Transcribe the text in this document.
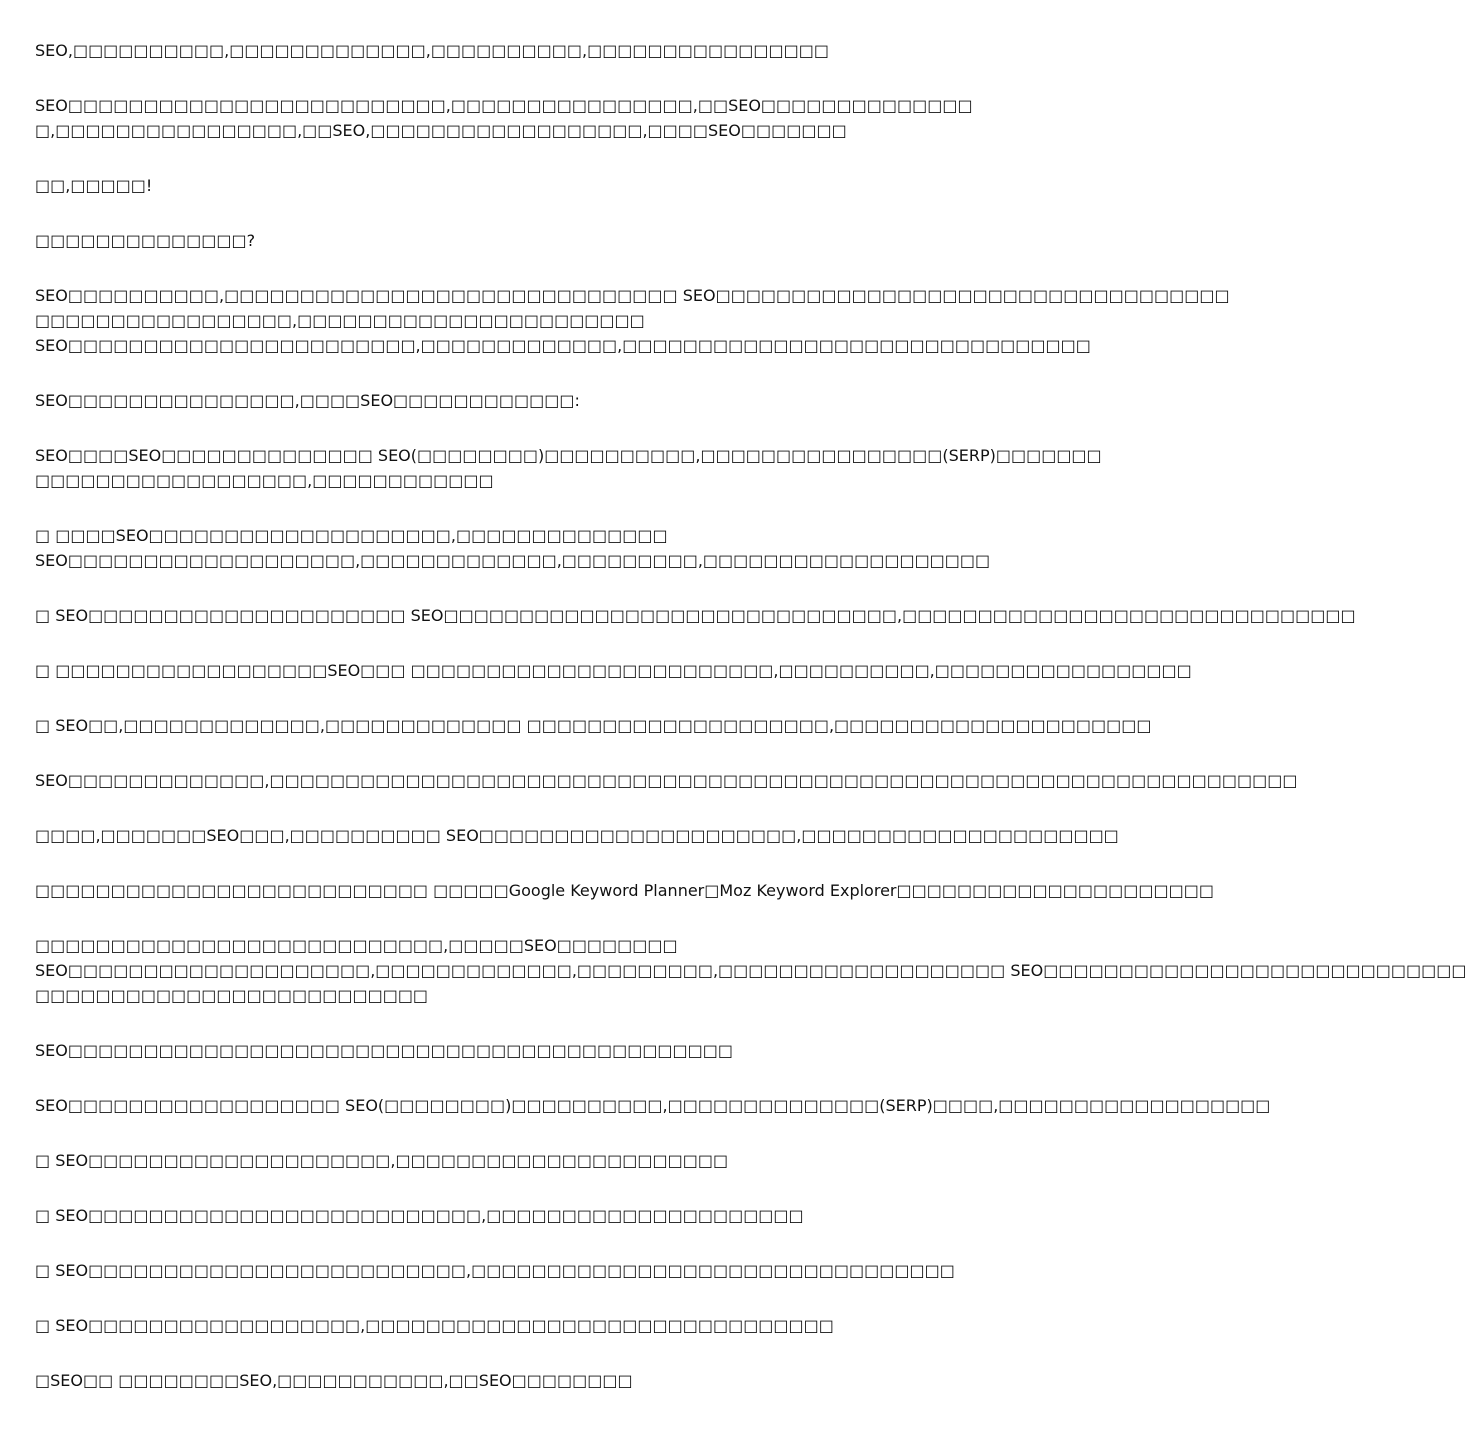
SEO,□□□□□□□□□□,□□□□□□□□□□□□□,□□□□□□□□□□,□□□□□□□□□□□□□□□□
SEO□□□□□□□□□□□□□□□□□□□□□□□□□,□□□□□□□□□□□□□□□□,□□SEO□□□□□□□□□□□□□□
□,□□□□□□□□□□□□□□□□,□□SEO,□□□□□□□□□□□□□□□□□□,□□□□SEO□□□□□□□
□□,□□□□□!
□□□□□□□□□□□□□□?
SEO□□□□□□□□□□,□□□□□□□□□□□□□□□□□□□□□□□□□□□□□□ SEO□□□□□□□□□□□□□□□□□□□□□□□□□□□□□□□□□□
□□□□□□□□□□□□□□□□□,□□□□□□□□□□□□□□□□□□□□□□□
SEO□□□□□□□□□□□□□□□□□□□□□□□,□□□□□□□□□□□□□,□□□□□□□□□□□□□□□□□□□□□□□□□□□□□□□
SEO□□□□□□□□□□□□□□□,□□□□SEO□□□□□□□□□□□□:
SEO□□□□SEO□□□□□□□□□□□□□□ SEO(□□□□□□□□)□□□□□□□□□□,□□□□□□□□□□□□□□□□(SERP)□□□□□□□
□□□□□□□□□□□□□□□□□□,□□□□□□□□□□□□
□ □□□□SEO□□□□□□□□□□□□□□□□□□□□,□□□□□□□□□□□□□□
SEO□□□□□□□□□□□□□□□□□□□,□□□□□□□□□□□□□,□□□□□□□□□,□□□□□□□□□□□□□□□□□□□
□ SEO□□□□□□□□□□□□□□□□□□□□□ SEO□□□□□□□□□□□□□□□□□□□□□□□□□□□□□□,□□□□□□□□□□□□□□□□□□□□□□□□□□□□□□
□ □□□□□□□□□□□□□□□□□□SEO□□□ □□□□□□□□□□□□□□□□□□□□□□□□,□□□□□□□□□□,□□□□□□□□□□□□□□□□□
□ SEO□□,□□□□□□□□□□□□□,□□□□□□□□□□□□□ □□□□□□□□□□□□□□□□□□□□,□□□□□□□□□□□□□□□□□□□□□
SEO□□□□□□□□□□□□□,□□□□□□□□□□□□□□□□□□□□□□□□□□□□□□□□□□□□□□□□□□□□□□□□□□□□□□□□□□□□□□□□□□□□
□□□□,□□□□□□□SEO□□□,□□□□□□□□□□ SEO□□□□□□□□□□□□□□□□□□□□□,□□□□□□□□□□□□□□□□□□□□□
□□□□□□□□□□□□□□□□□□□□□□□□□□ □□□□□Google Keyword Planner□Moz Keyword Explorer□□□□□□□□□□□□□□□□□□□□□
□□□□□□□□□□□□□□□□□□□□□□□□□□□,□□□□□SEO□□□□□□□□
SEO□□□□□□□□□□□□□□□□□□□□,□□□□□□□□□□□□□,□□□□□□□□□,□□□□□□□□□□□□□□□□□□□ SEO□□□□□□□□□□□□□□□□□□□□□□□□□□□□
□□□□□□□□□□□□□□□□□□□□□□□□□□
SEO□□□□□□□□□□□□□□□□□□□□□□□□□□□□□□□□□□□□□□□□□□□□
SEO□□□□□□□□□□□□□□□□□□ SEO(□□□□□□□□)□□□□□□□□□□,□□□□□□□□□□□□□□(SERP)□□□□,□□□□□□□□□□□□□□□□□□
□ SEO□□□□□□□□□□□□□□□□□□□□,□□□□□□□□□□□□□□□□□□□□□□
□ SEO□□□□□□□□□□□□□□□□□□□□□□□□□□,□□□□□□□□□□□□□□□□□□□□□
□ SEO□□□□□□□□□□□□□□□□□□□□□□□□□,□□□□□□□□□□□□□□□□□□□□□□□□□□□□□□□□
□ SEO□□□□□□□□□□□□□□□□□□,□□□□□□□□□□□□□□□□□□□□□□□□□□□□□□□
□SEO□□ □□□□□□□□SEO,□□□□□□□□□□□,□□SEO□□□□□□□□
